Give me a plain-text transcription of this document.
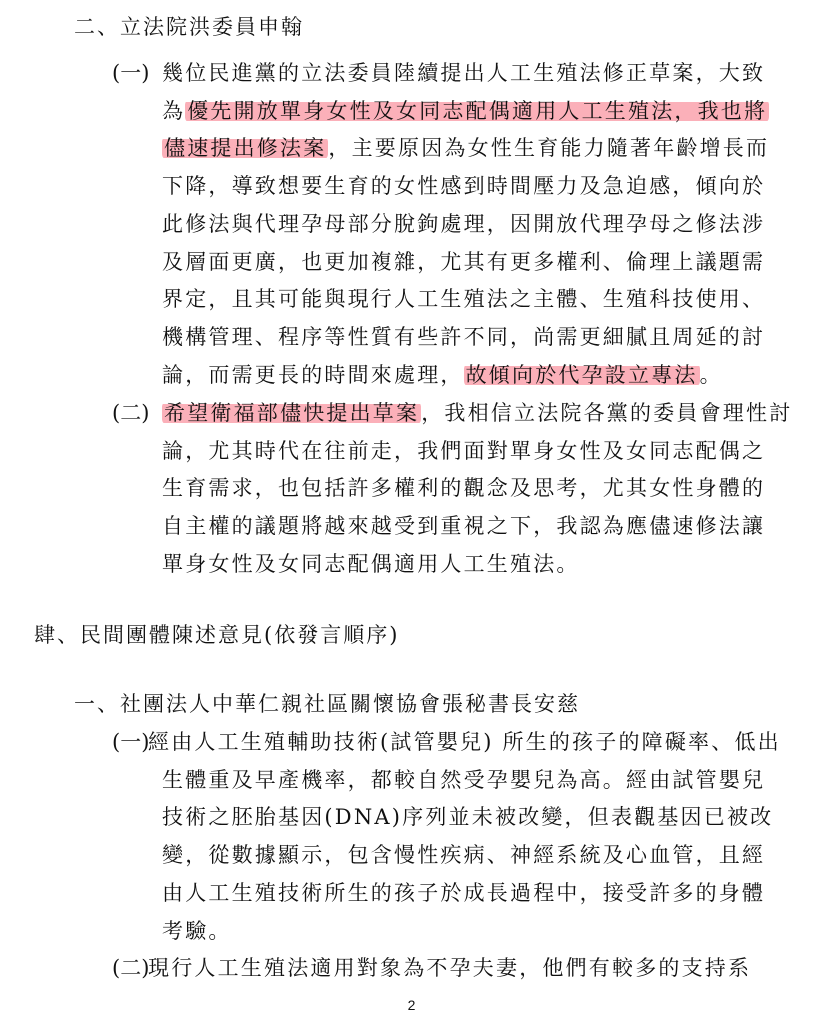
二、立法院洪委員申翰
(一) 幾位民進黨的立法委員陸續提出人工生殖法修正草案，大致
為優先開放單身女性及女同志配偶適用人工生殖法，我也將
儘速提出修法案，主要原因為女性生育能力隨著年齡增長而
下降，導致想要生育的女性感到時間壓力及急迫感，傾向於
此修法與代理孕母部分脫鉤處理，因開放代理孕母之修法涉
及層面更廣，也更加複雜，尤其有更多權利、倫理上議題需
界定，且其可能與現行人工生殖法之主體、生殖科技使用、
機構管理、程序等性質有些許不同，尚需更細膩且周延的討
論，而需更長的時間來處理，故傾向於代孕設立專法。
(二) 希望衛福部儘快提出草案，我相信立法院各黨的委員會理性討
論，尤其時代在往前走，我們面對單身女性及女同志配偶之
生育需求，也包括許多權利的觀念及思考，尤其女性身體的
自主權的議題將越來越受到重視之下，我認為應儘速修法讓
單身女性及女同志配偶適用人工生殖法。
肆、民間團體陳述意見(依發言順序)
一、社團法人中華仁親社區關懷協會張秘書長安慈
(一)
經由人工生殖輔助技術(試管嬰兒) 所生的孩子的障礙率、低出
生體重及早產機率，都較自然受孕嬰兒為高。經由試管嬰兒
技術之胚胎基因(DNA)序列並未被改變，但表觀基因已被改
變，從數據顯示，包含慢性疾病、神經系統及心血管，且經
由人工生殖技術所生的孩子於成長過程中，接受許多的身體
考驗。
(二)
現行人工生殖法適用對象為不孕夫妻，他們有較多的支持系
2
